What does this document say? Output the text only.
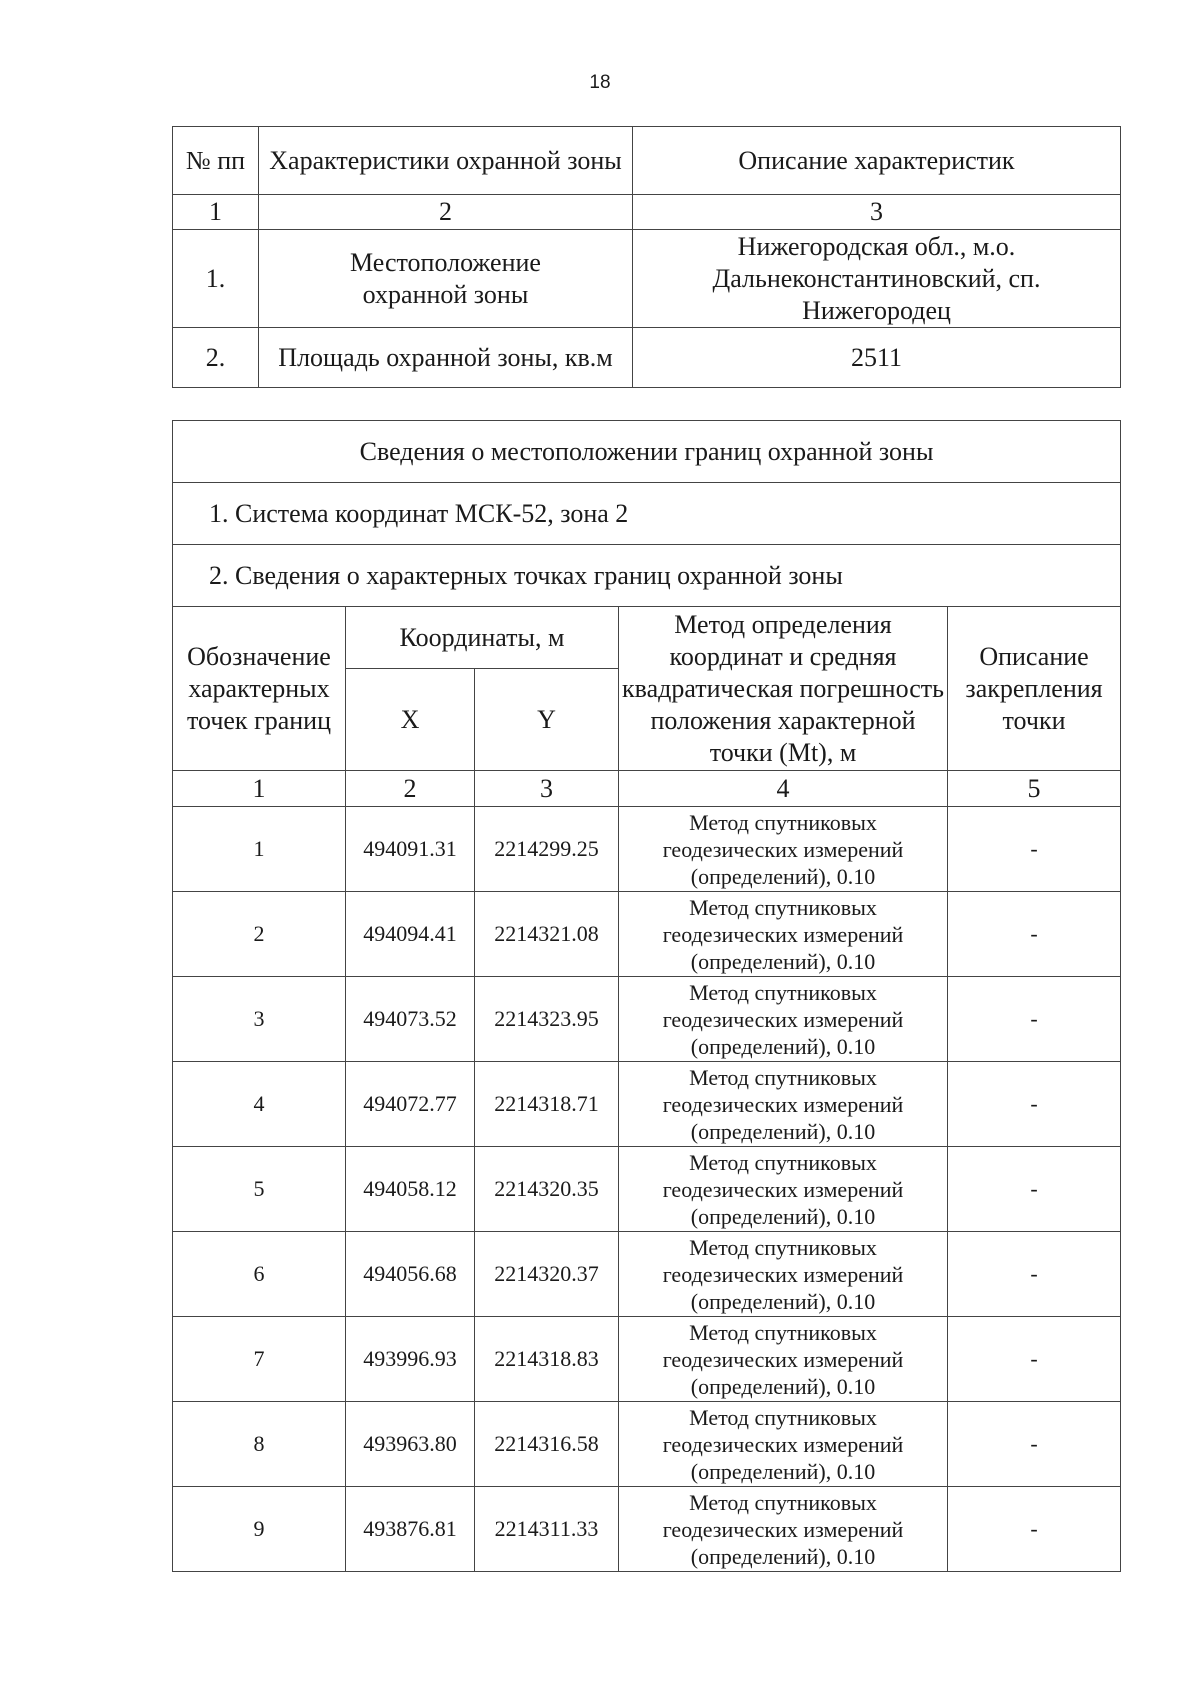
18
№ пп	Характеристики охранной зоны	Описание характеристик
1	2	3
1.	Местоположение охранной зоны	Нижегородская обл., м.о. Дальнеконстантиновский, сп. Нижегородец
2.	Площадь охранной зоны, кв.м	2511
Сведения о местоположении границ охранной зоны				
1. Система координат МСК-52, зона 2				
2. Сведения о характерных точках границ охранной зоны				
Обозначение характерных точек границ	Координаты, м		Метод определения координат и средняя квадратическая погрешность положения характерной точки (Mt), м	Описание закрепления точки
	X	Y		
1	2	3	4	5
1	494091.31	2214299.25	Метод спутниковых геодезических измерений (определений), 0.10	-
2	494094.41	2214321.08	Метод спутниковых геодезических измерений (определений), 0.10	-
3	494073.52	2214323.95	Метод спутниковых геодезических измерений (определений), 0.10	-
4	494072.77	2214318.71	Метод спутниковых геодезических измерений (определений), 0.10	-
5	494058.12	2214320.35	Метод спутниковых геодезических измерений (определений), 0.10	-
6	494056.68	2214320.37	Метод спутниковых геодезических измерений (определений), 0.10	-
7	493996.93	2214318.83	Метод спутниковых геодезических измерений (определений), 0.10	-
8	493963.80	2214316.58	Метод спутниковых геодезических измерений (определений), 0.10	-
9	493876.81	2214311.33	Метод спутниковых геодезических измерений (определений), 0.10	-
